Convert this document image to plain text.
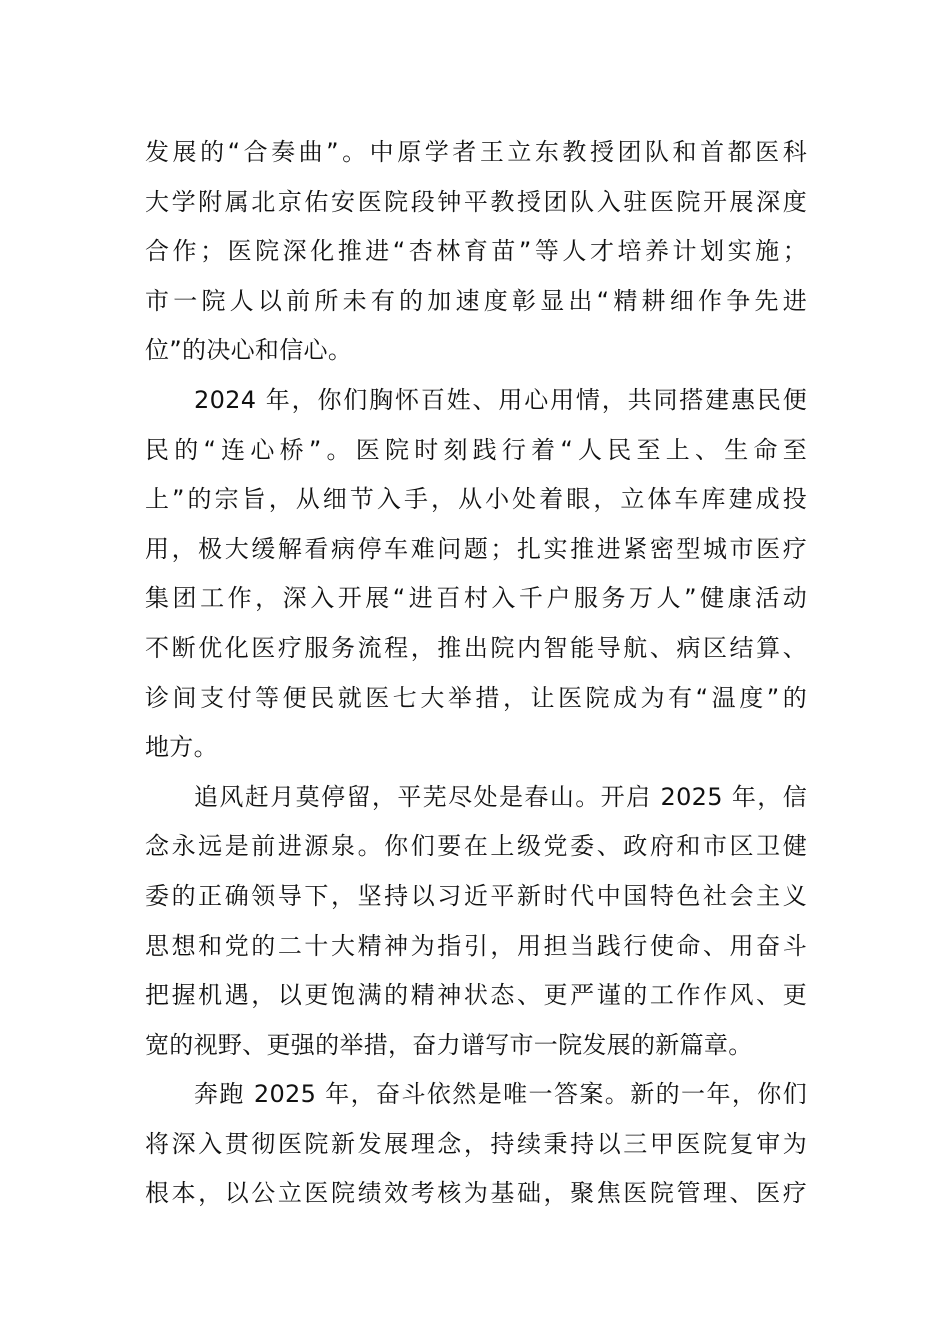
发展的“合奏曲”。中原学者王立东教授团队和首都医科
大学附属北京佑安医院段钟平教授团队入驻医院开展深度
合作；医院深化推进“杏林育苗”等人才培养计划实施；
市一院人以前所未有的加速度彰显出“精耕细作争先进
位”的决心和信心。
2024 年，你们胸怀百姓、用心用情，共同搭建惠民便
民的“连心桥”。医院时刻践行着“人民至上、生命至
上”的宗旨，从细节入手，从小处着眼，立体车库建成投
用，极大缓解看病停车难问题；扎实推进紧密型城市医疗
集团工作，深入开展“进百村入千户服务万人”健康活动
不断优化医疗服务流程，推出院内智能导航、病区结算、
诊间支付等便民就医七大举措，让医院成为有“温度”的
地方。
追风赶月莫停留，平芜尽处是春山。开启 2025 年，信
念永远是前进源泉。你们要在上级党委、政府和市区卫健
委的正确领导下，坚持以习近平新时代中国特色社会主义
思想和党的二十大精神为指引，用担当践行使命、用奋斗
把握机遇，以更饱满的精神状态、更严谨的工作作风、更
宽的视野、更强的举措，奋力谱写市一院发展的新篇章。
奔跑 2025 年，奋斗依然是唯一答案。新的一年，你们
将深入贯彻医院新发展理念，持续秉持以三甲医院复审为
根本，以公立医院绩效考核为基础，聚焦医院管理、医疗
